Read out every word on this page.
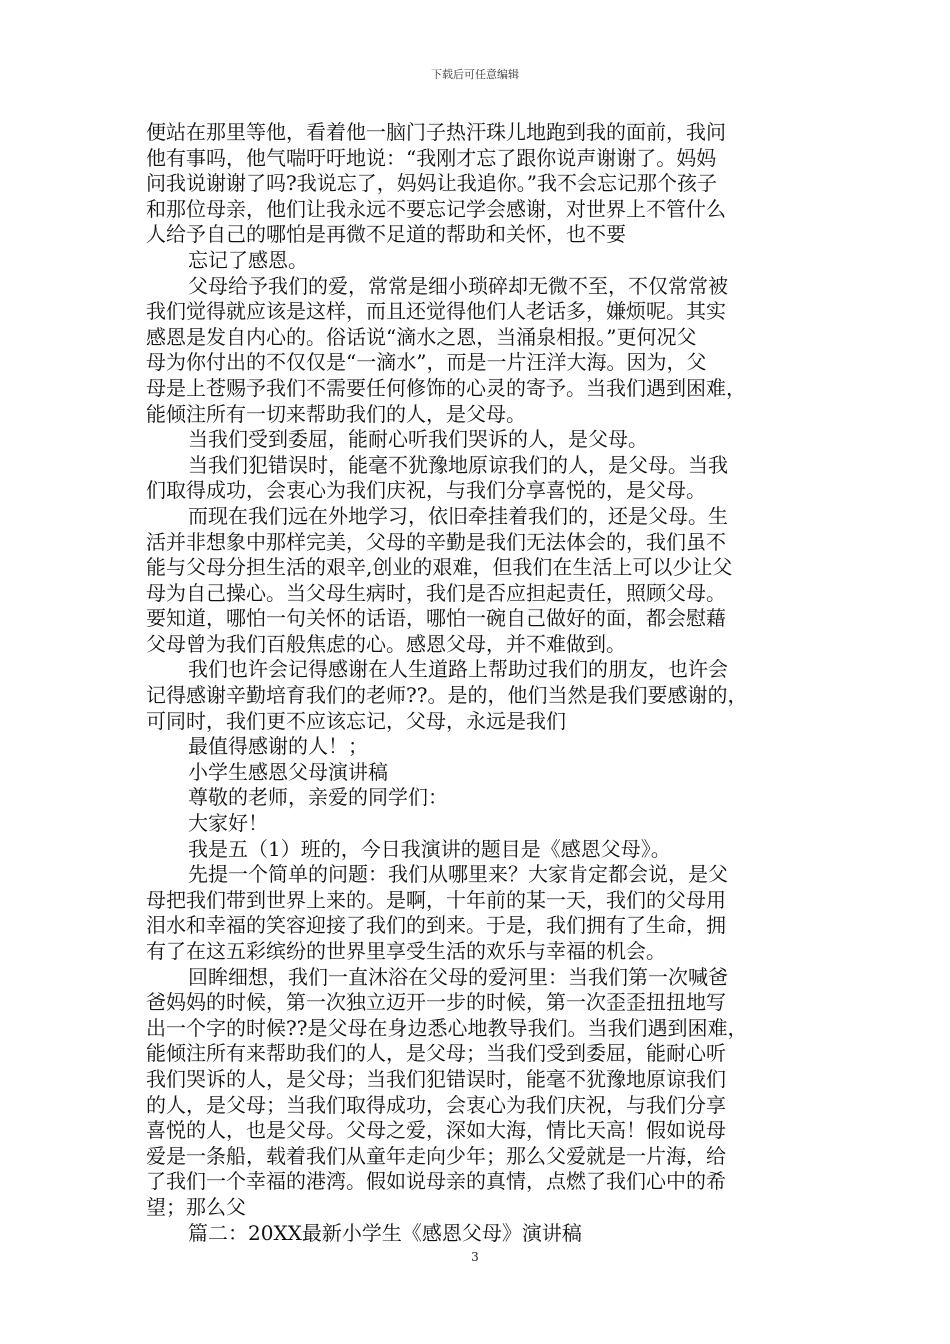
下载后可任意编辑
便站在那里等他，看着他一脑门子热汗珠儿地跑到我的面前，我问
他有事吗，他气喘吁吁地说：“我刚才忘了跟你说声谢谢了。妈妈
问我说谢谢了吗?我说忘了，妈妈让我追你。”我不会忘记那个孩子
和那位母亲，他们让我永远不要忘记学会感谢，对世界上不管什么
人给予自己的哪怕是再微不足道的帮助和关怀，也不要
忘记了感恩。
父母给予我们的爱，常常是细小琐碎却无微不至，不仅常常被
我们觉得就应该是这样，而且还觉得他们人老话多，嫌烦呢。其实
感恩是发自内心的。俗话说“滴水之恩，当涌泉相报。”更何况父
母为你付出的不仅仅是“一滴水”，而是一片汪洋大海。因为，父
母是上苍赐予我们不需要任何修饰的心灵的寄予。当我们遇到困难，
能倾注所有一切来帮助我们的人，是父母。
当我们受到委屈，能耐心听我们哭诉的人，是父母。
当我们犯错误时，能毫不犹豫地原谅我们的人，是父母。当我
们取得成功，会衷心为我们庆祝，与我们分享喜悦的，是父母。
而现在我们远在外地学习，依旧牵挂着我们的，还是父母。生
活并非想象中那样完美，父母的辛勤是我们无法体会的，我们虽不
能与父母分担生活的艰辛,创业的艰难，但我们在生活上可以少让父
母为自己操心。当父母生病时，我们是否应担起责任，照顾父母。
要知道，哪怕一句关怀的话语，哪怕一碗自己做好的面，都会慰藉
父母曾为我们百般焦虑的心。感恩父母，并不难做到。
我们也许会记得感谢在人生道路上帮助过我们的朋友，也许会
记得感谢辛勤培育我们的老师??。是的，他们当然是我们要感谢的，
可同时，我们更不应该忘记，父母，永远是我们
最值得感谢的人！；
小学生感恩父母演讲稿
尊敬的老师，亲爱的同学们：
大家好！
我是五（1）班的，今日我演讲的题目是《感恩父母》。
先提一个简单的问题：我们从哪里来？大家肯定都会说，是父
母把我们带到世界上来的。是啊，十年前的某一天，我们的父母用
泪水和幸福的笑容迎接了我们的到来。于是，我们拥有了生命，拥
有了在这五彩缤纷的世界里享受生活的欢乐与幸福的机会。
回眸细想，我们一直沐浴在父母的爱河里：当我们第一次喊爸
爸妈妈的时候，第一次独立迈开一步的时候，第一次歪歪扭扭地写
出一个字的时候??是父母在身边悉心地教导我们。当我们遇到困难，
能倾注所有来帮助我们的人，是父母；当我们受到委屈，能耐心听
我们哭诉的人，是父母；当我们犯错误时，能毫不犹豫地原谅我们
的人，是父母；当我们取得成功，会衷心为我们庆祝，与我们分享
喜悦的人，也是父母。父母之爱，深如大海，情比天高！假如说母
爱是一条船，载着我们从童年走向少年；那么父爱就是一片海，给
了我们一个幸福的港湾。假如说母亲的真情，点燃了我们心中的希
望；那么父
篇二：20XX最新小学生《感恩父母》演讲稿
3
